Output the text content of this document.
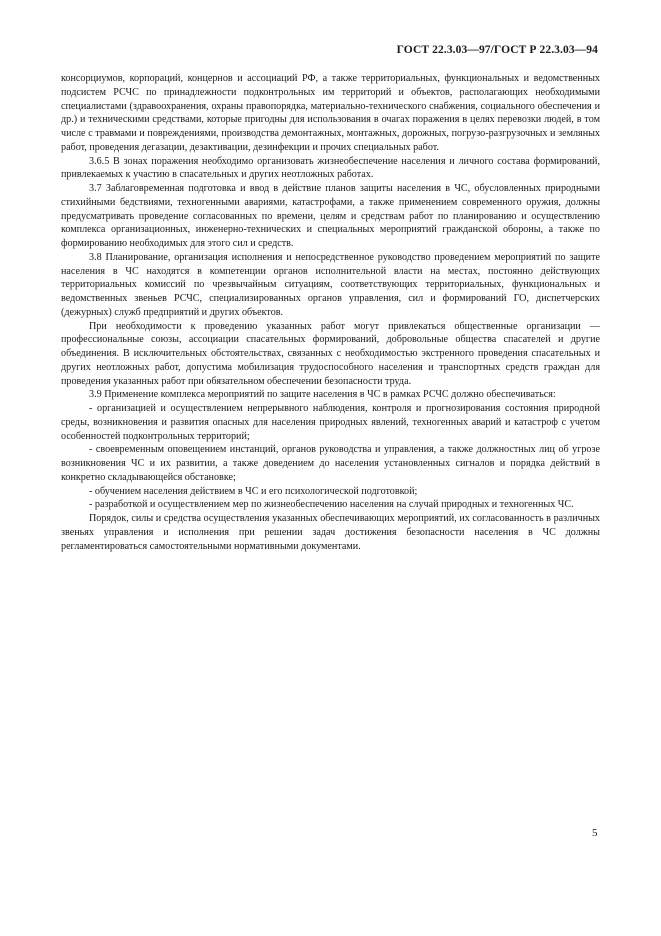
ГОСТ 22.3.03—97/ГОСТ Р 22.3.03—94

консорциумов, корпораций, концернов и ассоциаций РФ, а также территориальных, функциональных и ведомственных подсистем РСЧС по принадлежности подконтрольных им территорий и объектов, располагающих необходимыми специалистами (здравоохранения, охраны правопорядка, материально-технического снабжения, социального обеспечения и др.) и техническими средствами, которые пригодны для использования в очагах поражения в целях перевозки людей, в том числе с травмами и повреждениями, производства демонтажных, монтажных, дорожных, погрузо-разгрузочных и земляных работ, проведения дегазации, дезактивации, дезинфекции и прочих специальных работ.

3.6.5 В зонах поражения необходимо организовать жизнеобеспечение населения и личного состава формирований, привлекаемых к участию в спасательных и других неотложных работах.

3.7 Заблаговременная подготовка и ввод в действие планов защиты населения в ЧС, обусловленных природными стихийными бедствиями, техногенными авариями, катастрофами, а также применением современного оружия, должны предусматривать проведение согласованных по времени, целям и средствам работ по планированию и осуществлению комплекса организационных, инженерно-технических и специальных мероприятий гражданской обороны, а также по формированию необходимых для этого сил и средств.

3.8 Планирование, организация исполнения и непосредственное руководство проведением мероприятий по защите населения в ЧС находятся в компетенции органов исполнительной власти на местах, постоянно действующих территориальных комиссий по чрезвычайным ситуациям, соответствующих территориальных, функциональных и ведомственных звеньев РСЧС, специализированных органов управления, сил и формирований ГО, диспетчерских (дежурных) служб предприятий и других объектов.

При необходимости к проведению указанных работ могут привлекаться общественные организации — профессиональные союзы, ассоциации спасательных формирований, добровольные общества спасателей и другие объединения. В исключительных обстоятельствах, связанных с необходимостью экстренного проведения спасательных и других неотложных работ, допустима мобилизация трудоспособного населения и транспортных средств граждан для проведения указанных работ при обязательном обеспечении безопасности труда.

3.9 Применение комплекса мероприятий по защите населения в ЧС в рамках РСЧС должно обеспечиваться:

- организацией и осуществлением непрерывного наблюдения, контроля и прогнозирования состояния природной среды, возникновения и развития опасных для населения природных явлений, техногенных аварий и катастроф с учетом особенностей подконтрольных территорий;

- своевременным оповещением инстанций, органов руководства и управления, а также должностных лиц об угрозе возникновения ЧС и их развитии, а также доведением до населения установленных сигналов и порядка действий в конкретно складывающейся обстановке;

- обучением населения действием в ЧС и его психологической подготовкой;

- разработкой и осуществлением мер по жизнеобеспечению населения на случай природных и техногенных ЧС.

Порядок, силы и средства осуществления указанных обеспечивающих мероприятий, их согласованность в различных звеньях управления и исполнения при решении задач достижения безопасности населения в ЧС должны регламентироваться самостоятельными нормативными документами.

5
